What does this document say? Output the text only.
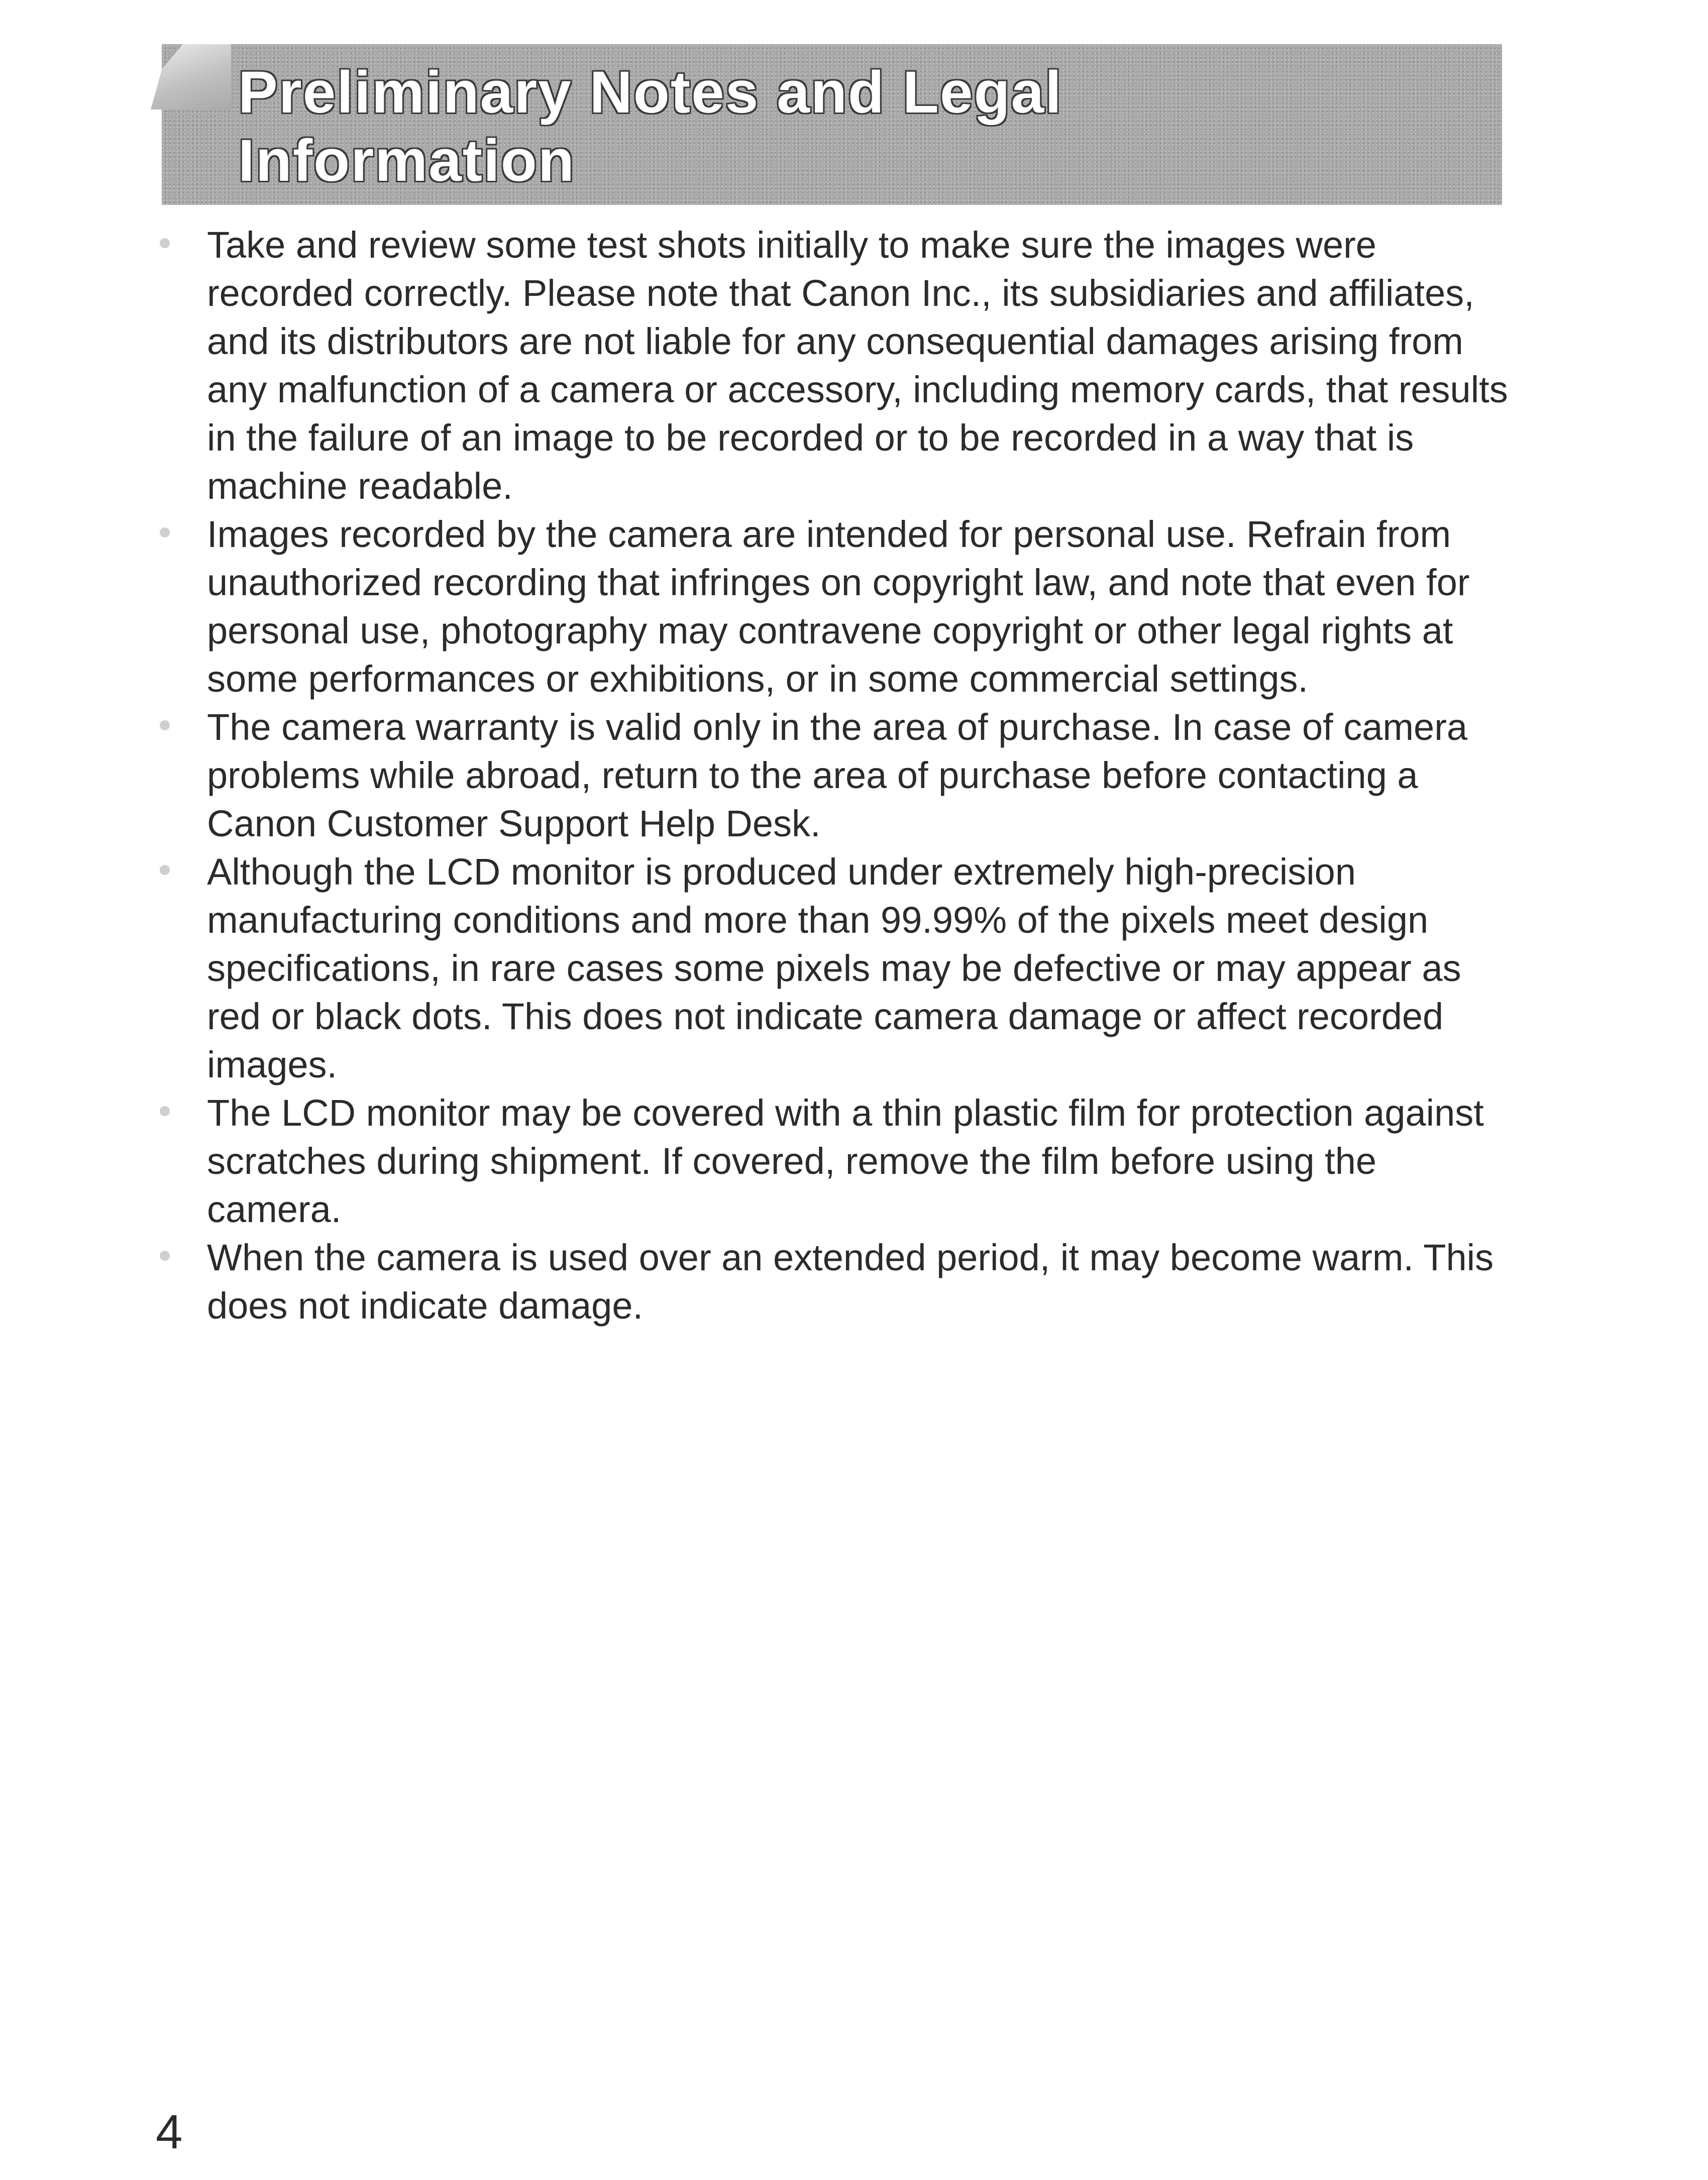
Preliminary Notes and Legal
Information
Take and review some test shots initially to make sure the images were recorded correctly. Please note that Canon Inc., its subsidiaries and affiliates, and its distributors are not liable for any consequential damages arising from any malfunction of a camera or accessory, including memory cards, that results in the failure of an image to be recorded or to be recorded in a way that is machine readable.
Images recorded by the camera are intended for personal use. Refrain from unauthorized recording that infringes on copyright law, and note that even for personal use, photography may contravene copyright or other legal rights at some performances or exhibitions, or in some commercial settings.
The camera warranty is valid only in the area of purchase. In case of camera problems while abroad, return to the area of purchase before contacting a Canon Customer Support Help Desk.
Although the LCD monitor is produced under extremely high-precision manufacturing conditions and more than 99.99% of the pixels meet design specifications, in rare cases some pixels may be defective or may appear as red or black dots. This does not indicate camera damage or affect recorded images.
The LCD monitor may be covered with a thin plastic film for protection against scratches during shipment. If covered, remove the film before using the camera.
When the camera is used over an extended period, it may become warm. This does not indicate damage.

4
